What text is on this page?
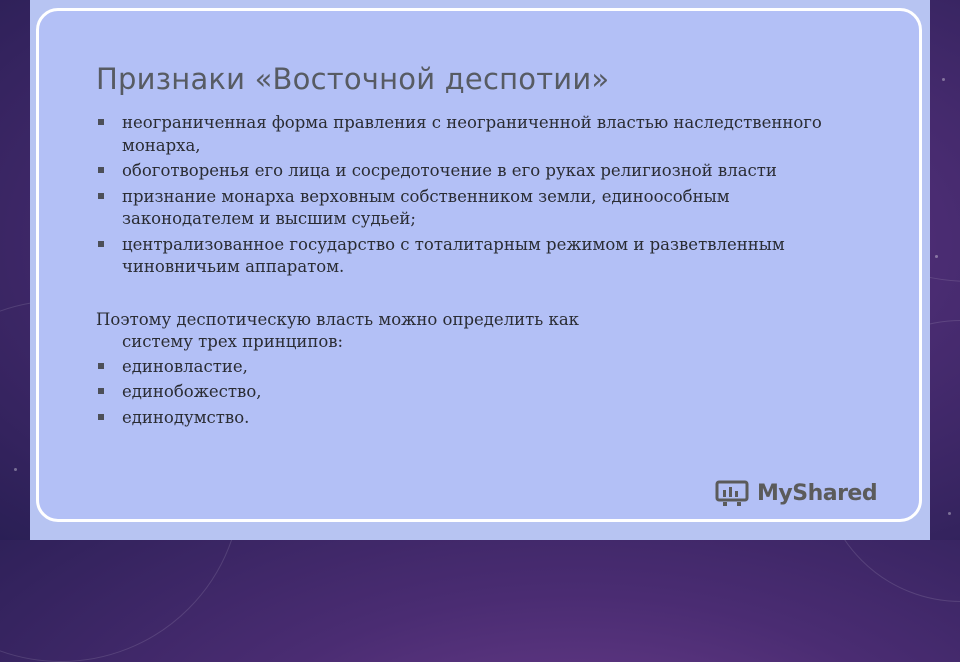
Признаки «Восточной деспотии»
неограниченная форма правления с неограниченной властью наследственного монарха,
обоготворенья его лица и сосредоточение в его руках религиозной власти
признание монарха верховным собственником земли, единоособным законодателем и высшим судьей;
централизованное государство с тоталитарным режимом и разветвленным чиновничьим аппаратом.
Поэтому деспотическую власть можно определить как
систему трех принципов:
единовластие,
единобожество,
единодумство.
MyShared
